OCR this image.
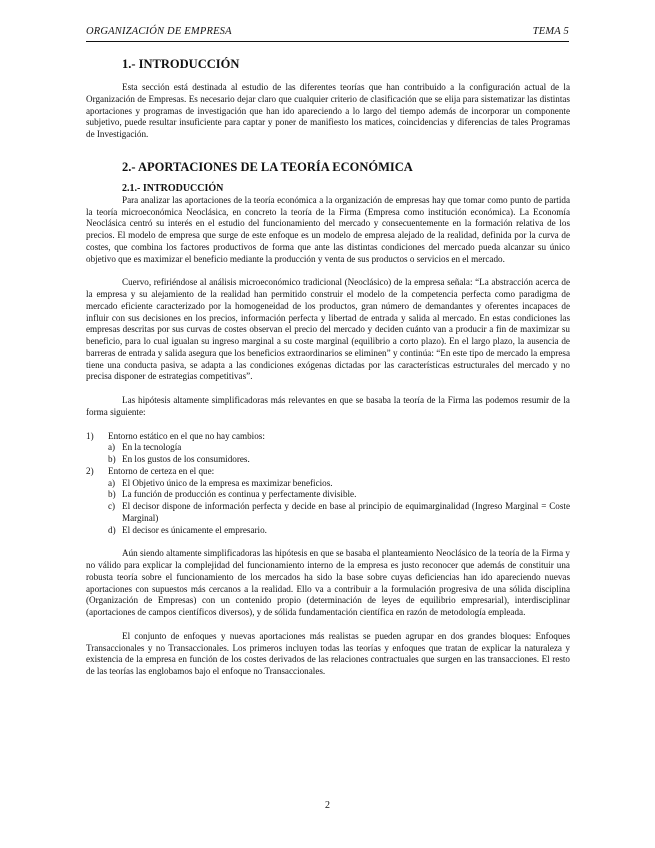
ORGANIZACIÓN DE EMPRESA	TEMA 5
1.- INTRODUCCIÓN

Esta sección está destinada al estudio de las diferentes teorías que han contribuido a la configuración actual de la Organización de Empresas. Es necesario dejar claro que cualquier criterio de clasificación que se elija para sistematizar las distintas aportaciones y programas de investigación que han ido apareciendo a lo largo del tiempo además de incorporar un componente subjetivo, puede resultar insuficiente para captar y poner de manifiesto los matices, coincidencias y diferencias de tales Programas de Investigación.

2.- APORTACIONES DE LA TEORÍA ECONÓMICA
2.1.- INTRODUCCIÓN

Para analizar las aportaciones de la teoría económica a la organización de empresas hay que tomar como punto de partida la teoría microeconómica Neoclásica, en concreto la teoría de la Firma (Empresa como institución económica). La Economía Neoclásica centró su interés en el estudio del funcionamiento del mercado y consecuentemente en la formación relativa de los precios. El modelo de empresa que surge de este enfoque es un modelo de empresa alejado de la realidad, definida por la curva de costes, que combina los factores productivos de forma que ante las distintas condiciones del mercado pueda alcanzar su único objetivo que es maximizar el beneficio mediante la producción y venta de sus productos o servicios en el mercado.

Cuervo, refiriéndose al análisis microeconómico tradicional (Neoclásico) de la empresa señala: “La abstracción acerca de la empresa y su alejamiento de la realidad han permitido construir el modelo de la competencia perfecta como paradigma de mercado eficiente caracterizado por la homogeneidad de los productos, gran número de demandantes y oferentes incapaces de influir con sus decisiones en los precios, información perfecta y libertad de entrada y salida al mercado. En estas condiciones las empresas descritas por sus curvas de costes observan el precio del mercado y deciden cuánto van a producir a fin de maximizar su beneficio, para lo cual igualan su ingreso marginal a su coste marginal (equilibrio a corto plazo). En el largo plazo, la ausencia de barreras de entrada y salida asegura que los beneficios extraordinarios se eliminen” y continúa: “En este tipo de mercado la empresa tiene una conducta pasiva, se adapta a las condiciones exógenas dictadas por las características estructurales del mercado y no precisa disponer de estrategias competitivas”.

Las hipótesis altamente simplificadoras más relevantes en que se basaba la teoría de la Firma las podemos resumir de la forma siguiente:

1)	Entorno estático en el que no hay cambios:
a) En la tecnología
b) En los gustos de los consumidores.
2)	Entorno de certeza en el que:
a) El Objetivo único de la empresa es maximizar beneficios.
b) La función de producción es continua y perfectamente divisible.
c) El decisor dispone de información perfecta y decide en base al principio de equimarginalidad (Ingreso Marginal = Coste Marginal)
d) El decisor es únicamente el empresario.

Aún siendo altamente simplificadoras las hipótesis en que se basaba el planteamiento Neoclásico de la teoría de la Firma y no válido para explicar la complejidad del funcionamiento interno de la empresa es justo reconocer que además de constituir una robusta teoría sobre el funcionamiento de los mercados ha sido la base sobre cuyas deficiencias han ido apareciendo nuevas aportaciones con supuestos más cercanos a la realidad. Ello va a contribuir a la formulación progresiva de una sólida disciplina (Organización de Empresas) con un contenido propio (determinación de leyes de equilibrio empresarial), interdisciplinar (aportaciones de campos científicos diversos), y de sólida fundamentación científica en razón de metodología empleada.

El conjunto de enfoques y nuevas aportaciones más realistas se pueden agrupar en dos grandes bloques: Enfoques Transaccionales y no Transaccionales. Los primeros incluyen todas las teorías y enfoques que tratan de explicar la naturaleza y existencia de la empresa en función de los costes derivados de las relaciones contractuales que surgen en las transacciones. El resto de las teorías las englobamos bajo el enfoque no Transaccionales.

2
